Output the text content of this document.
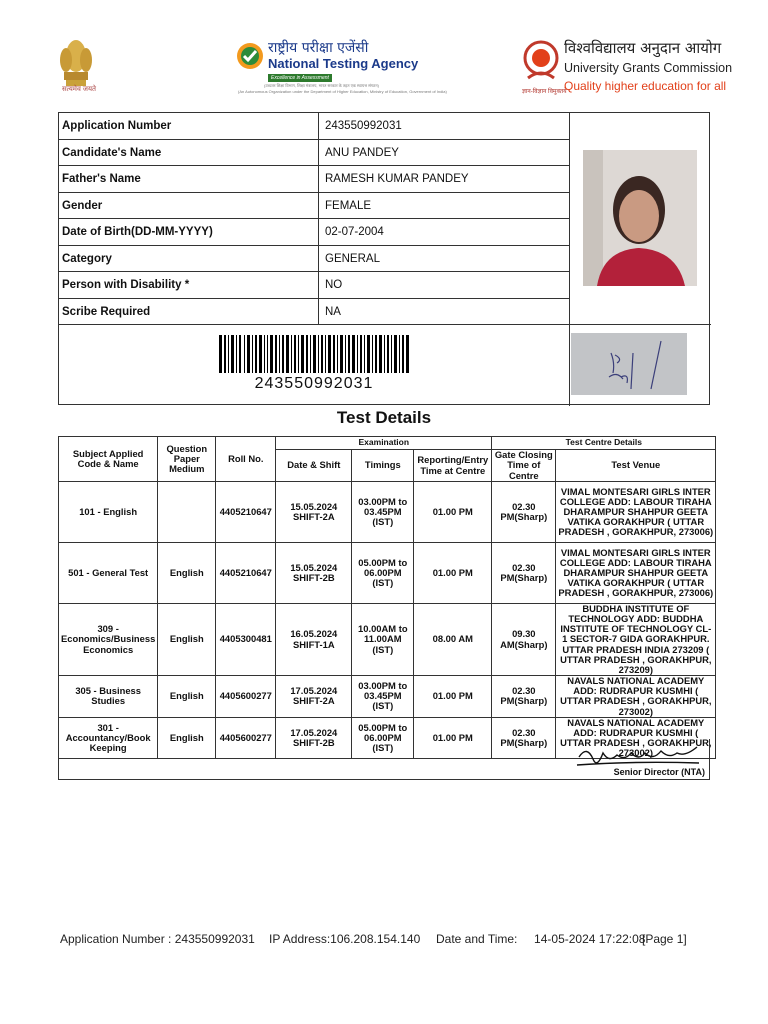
सत्यमेव जयते
राष्ट्रीय परीक्षा एजेंसी
National Testing Agency
Excellence in Assessment
(उच्चतर शिक्षा विभाग, शिक्षा मंत्रालय, भारत सरकार के तहत एक स्वायत्त संगठन)
(An Autonomous Organization under the Department of Higher Education, Ministry of Education, Government of India)	ज्ञान-विज्ञान विमुक्तये
विश्वविद्यालय अनुदान आयोग
University Grants Commission
Quality higher education for all
Application Number	243550992031
Candidate's Name	ANU PANDEY
Father's Name	RAMESH KUMAR PANDEY
Gender	FEMALE
Date of Birth(DD-MM-YYYY)	02-07-2004
Category	GENERAL
Person with Disability *	NO
Scribe Required	NA
243550992031
Test Details
Subject Applied Code & Name	Question Paper Medium	Roll No.	Examination			Test Centre Details	
			Date & Shift	Timings	Reporting/Entry Time at Centre	Gate Closing Time of Centre	Test Venue
101 - English		4405210647	15.05.2024 SHIFT-2A	03.00PM to 03.45PM (IST)	01.00 PM	02.30 PM(Sharp)	VIMAL MONTESARI GIRLS INTER COLLEGE ADD: LABOUR TIRAHA DHARAMPUR SHAHPUR GEETA VATIKA GORAKHPUR ( UTTAR PRADESH , GORAKHPUR, 273006)
501 - General Test	English	4405210647	15.05.2024 SHIFT-2B	05.00PM to 06.00PM (IST)	01.00 PM	02.30 PM(Sharp)	VIMAL MONTESARI GIRLS INTER COLLEGE ADD: LABOUR TIRAHA DHARAMPUR SHAHPUR GEETA VATIKA GORAKHPUR ( UTTAR PRADESH , GORAKHPUR, 273006)
309 - Economics/Business Economics	English	4405300481	16.05.2024 SHIFT-1A	10.00AM to 11.00AM (IST)	08.00 AM	09.30 AM(Sharp)	BUDDHA INSTITUTE OF TECHNOLOGY ADD: BUDDHA INSTITUTE OF TECHNOLOGY CL-1 SECTOR-7 GIDA GORAKHPUR. UTTAR PRADESH INDIA 273209 ( UTTAR PRADESH , GORAKHPUR, 273209)
305 - Business Studies	English	4405600277	17.05.2024 SHIFT-2A	03.00PM to 03.45PM (IST)	01.00 PM	02.30 PM(Sharp)	NAVALS NATIONAL ACADEMY ADD: RUDRAPUR KUSMHI ( UTTAR PRADESH , GORAKHPUR, 273002)
301 - Accountancy/Book Keeping	English	4405600277	17.05.2024 SHIFT-2B	05.00PM to 06.00PM (IST)	01.00 PM	02.30 PM(Sharp)	NAVALS NATIONAL ACADEMY ADD: RUDRAPUR KUSMHI ( UTTAR PRADESH , GORAKHPUR, 273002)
Senior Director (NTA)
Application Number : 243550992031 IP Address:106.208.154.140 Date and Time:     14-05-2024 17:22:08
[Page 1]
